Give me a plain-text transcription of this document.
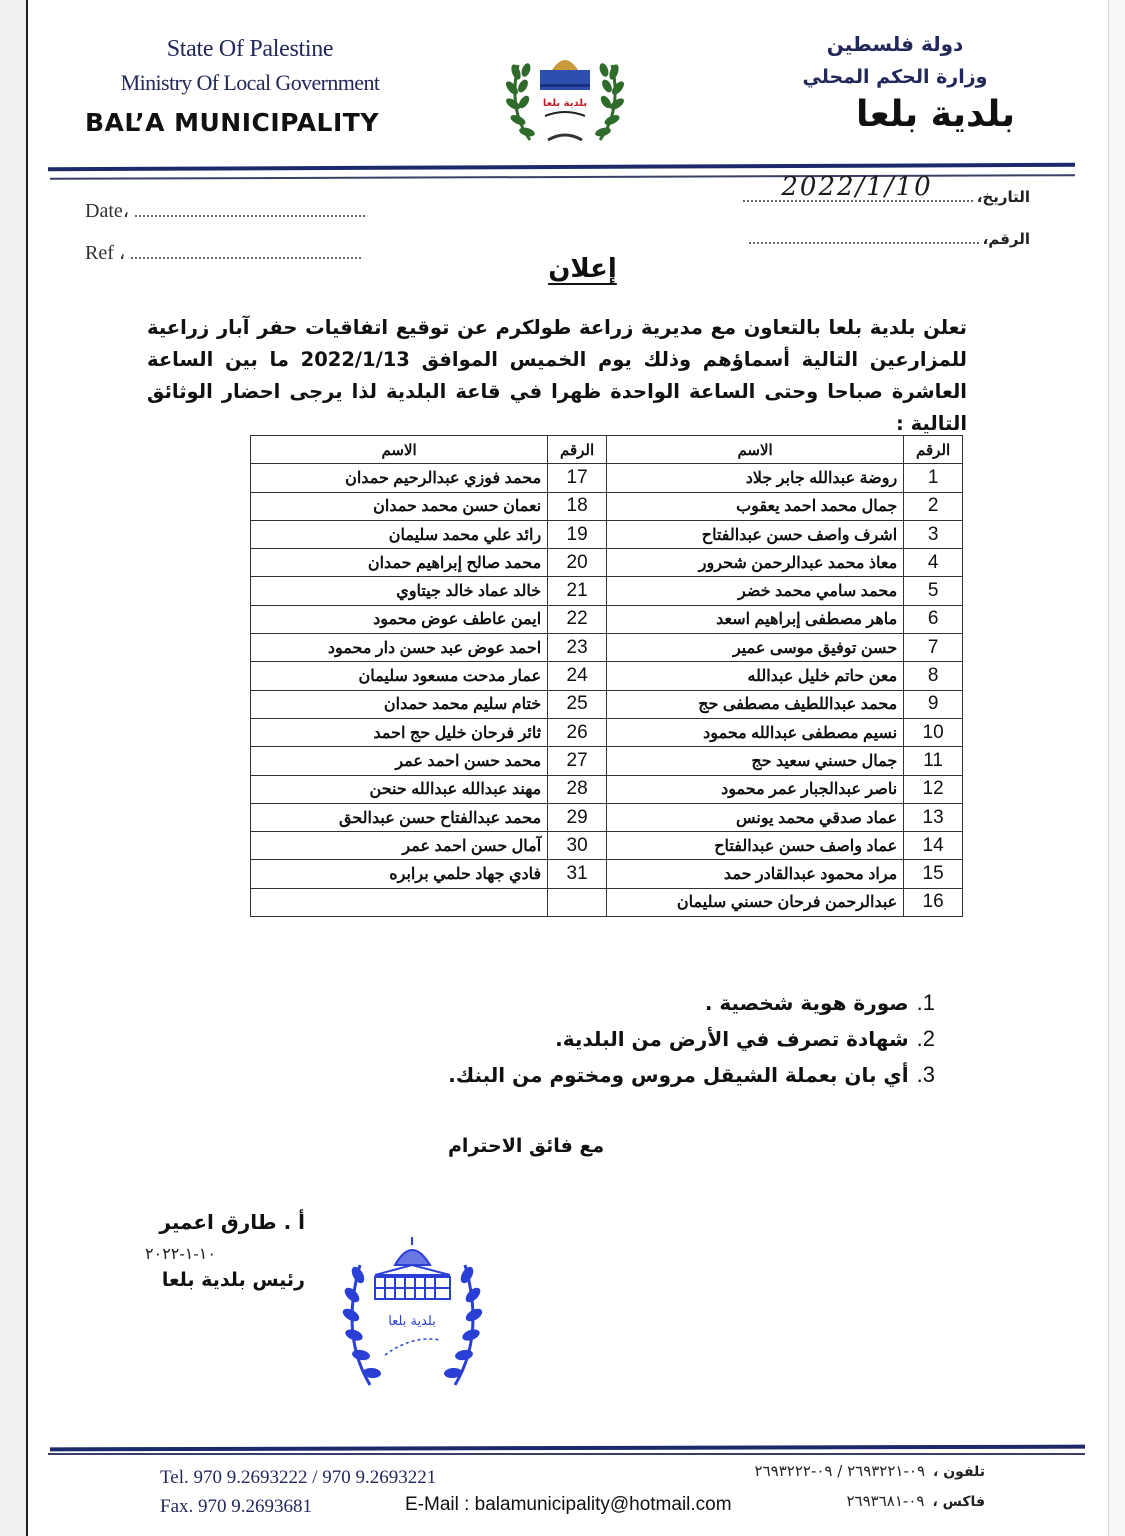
State Of Palestine
Ministry Of Local Government
BAL’A MUNICIPALITY
بلدية بلعا
دولة فلسطين
وزارة الحكم المحلي
بلدية بلعا
Date،
Ref ،
التاريخ،
2022/1/10
الرقم،
إعلان
تعلن بلدية بلعا بالتعاون مع مديرية زراعة طولكرم عن توقيع اتفاقيات حفر آبار زراعية للمزارعين التالية أسماؤهم وذلك يوم الخميس الموافق 2022/1/13 ما بين الساعة العاشرة صباحا وحتى الساعة الواحدة ظهرا في قاعة البلدية لذا يرجى احضار الوثائق التالية :
الرقم	الاسم	الرقم	الاسم
1	روضة عبدالله جابر جلاد	17	محمد فوزي عبدالرحيم حمدان
2	جمال محمد احمد يعقوب	18	نعمان حسن محمد حمدان
3	اشرف واصف حسن عبدالفتاح	19	رائد علي محمد سليمان
4	معاذ محمد عبدالرحمن شحرور	20	محمد صالح إبراهيم حمدان
5	محمد سامي محمد خضر	21	خالد عماد خالد جيتاوي
6	ماهر مصطفى إبراهيم اسعد	22	ايمن عاطف عوض محمود
7	حسن توفيق موسى عمير	23	احمد عوض عبد حسن دار محمود
8	معن حاتم خليل عبدالله	24	عمار مدحت مسعود سليمان
9	محمد عبداللطيف مصطفى حج	25	ختام سليم محمد حمدان
10	نسيم مصطفى عبدالله محمود	26	ثائر فرحان خليل حج احمد
11	جمال حسني سعيد حج	27	محمد حسن احمد عمر
12	ناصر عبدالجبار عمر محمود	28	مهند عبدالله عبدالله حنحن
13	عماد صدقي محمد يونس	29	محمد عبدالفتاح حسن عبدالحق
14	عماد واصف حسن عبدالفتاح	30	آمال حسن احمد عمر
15	مراد محمود عبدالقادر حمد	31	فادي جهاد حلمي برابره
16	عبدالرحمن فرحان حسني سليمان		
1.صورة هوية شخصية .
2.شهادة تصرف في الأرض من البلدية.
3.أي بان بعملة الشيقل مروس ومختوم من البنك.
مع فائق الاحترام
أ . طارق اعمير
١٠-١-٢٠٢٢
رئيس بلدية بلعا
بلدية بلعا
Tel. 970 9.2693222 / 970 9.2693221
Fax. 970 9.2693681	E-Mail : balamunicipality@hotmail.com
تلفون ،٠٩-٢٦٩٣٢٢١ / ٠٩-٢٦٩٣٢٢٢
فاكس ،٠٩-٢٦٩٣٦٨١
